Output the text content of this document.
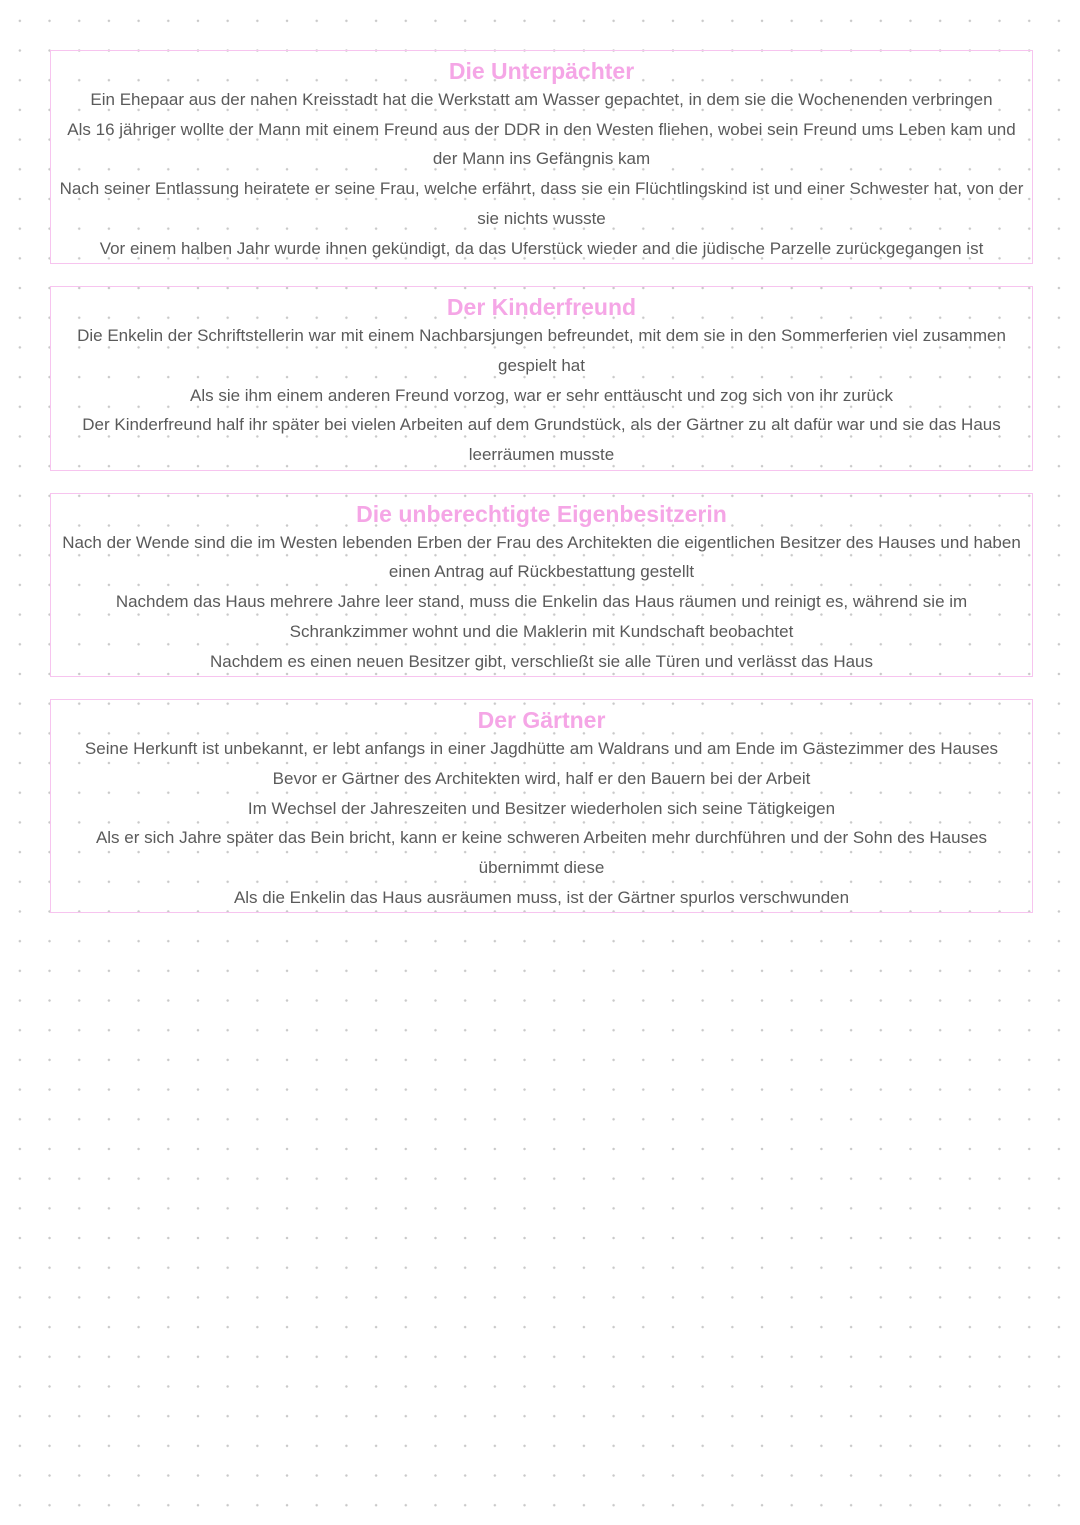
Die Unterpächter

Ein Ehepaar aus der nahen Kreisstadt hat die Werkstatt am Wasser gepachtet, in dem sie die Wochenenden verbringen

Als 16 jähriger wollte der Mann mit einem Freund aus der DDR in den Westen fliehen, wobei sein Freund ums Leben kam und der Mann ins Gefängnis kam

Nach seiner Entlassung heiratete er seine Frau, welche erfährt, dass sie ein Flüchtlingskind ist und einer Schwester hat, von der sie nichts wusste

Vor einem halben Jahr wurde ihnen gekündigt, da das Uferstück wieder and die jüdische Parzelle zurückgegangen ist

Der Kinderfreund

Die Enkelin der Schriftstellerin war mit einem Nachbarsjungen befreundet, mit dem sie in den Sommerferien viel zusammen gespielt hat

Als sie ihm einem anderen Freund vorzog, war er sehr enttäuscht und zog sich von ihr zurück

Der Kinderfreund half ihr später bei vielen Arbeiten auf dem Grundstück, als der Gärtner zu alt dafür war und sie das Haus leerräumen musste

Die unberechtigte Eigenbesitzerin

Nach der Wende sind die im Westen lebenden Erben der Frau des Architekten die eigentlichen Besitzer des Hauses und haben einen Antrag auf Rückbestattung gestellt

Nachdem das Haus mehrere Jahre leer stand, muss die Enkelin das Haus räumen und reinigt es, während sie im Schrankzimmer wohnt und die Maklerin mit Kundschaft beobachtet

Nachdem es einen neuen Besitzer gibt, verschließt sie alle Türen und verlässt das Haus

Der Gärtner

Seine Herkunft ist unbekannt, er lebt anfangs in einer Jagdhütte am Waldrans und am Ende im Gästezimmer des Hauses

Bevor er Gärtner des Architekten wird, half er den Bauern bei der Arbeit

Im Wechsel der Jahreszeiten und Besitzer wiederholen sich seine Tätigkeigen

Als er sich Jahre später das Bein bricht, kann er keine schweren Arbeiten mehr durchführen und der Sohn des Hauses übernimmt diese

Als die Enkelin das Haus ausräumen muss, ist der Gärtner spurlos verschwunden
